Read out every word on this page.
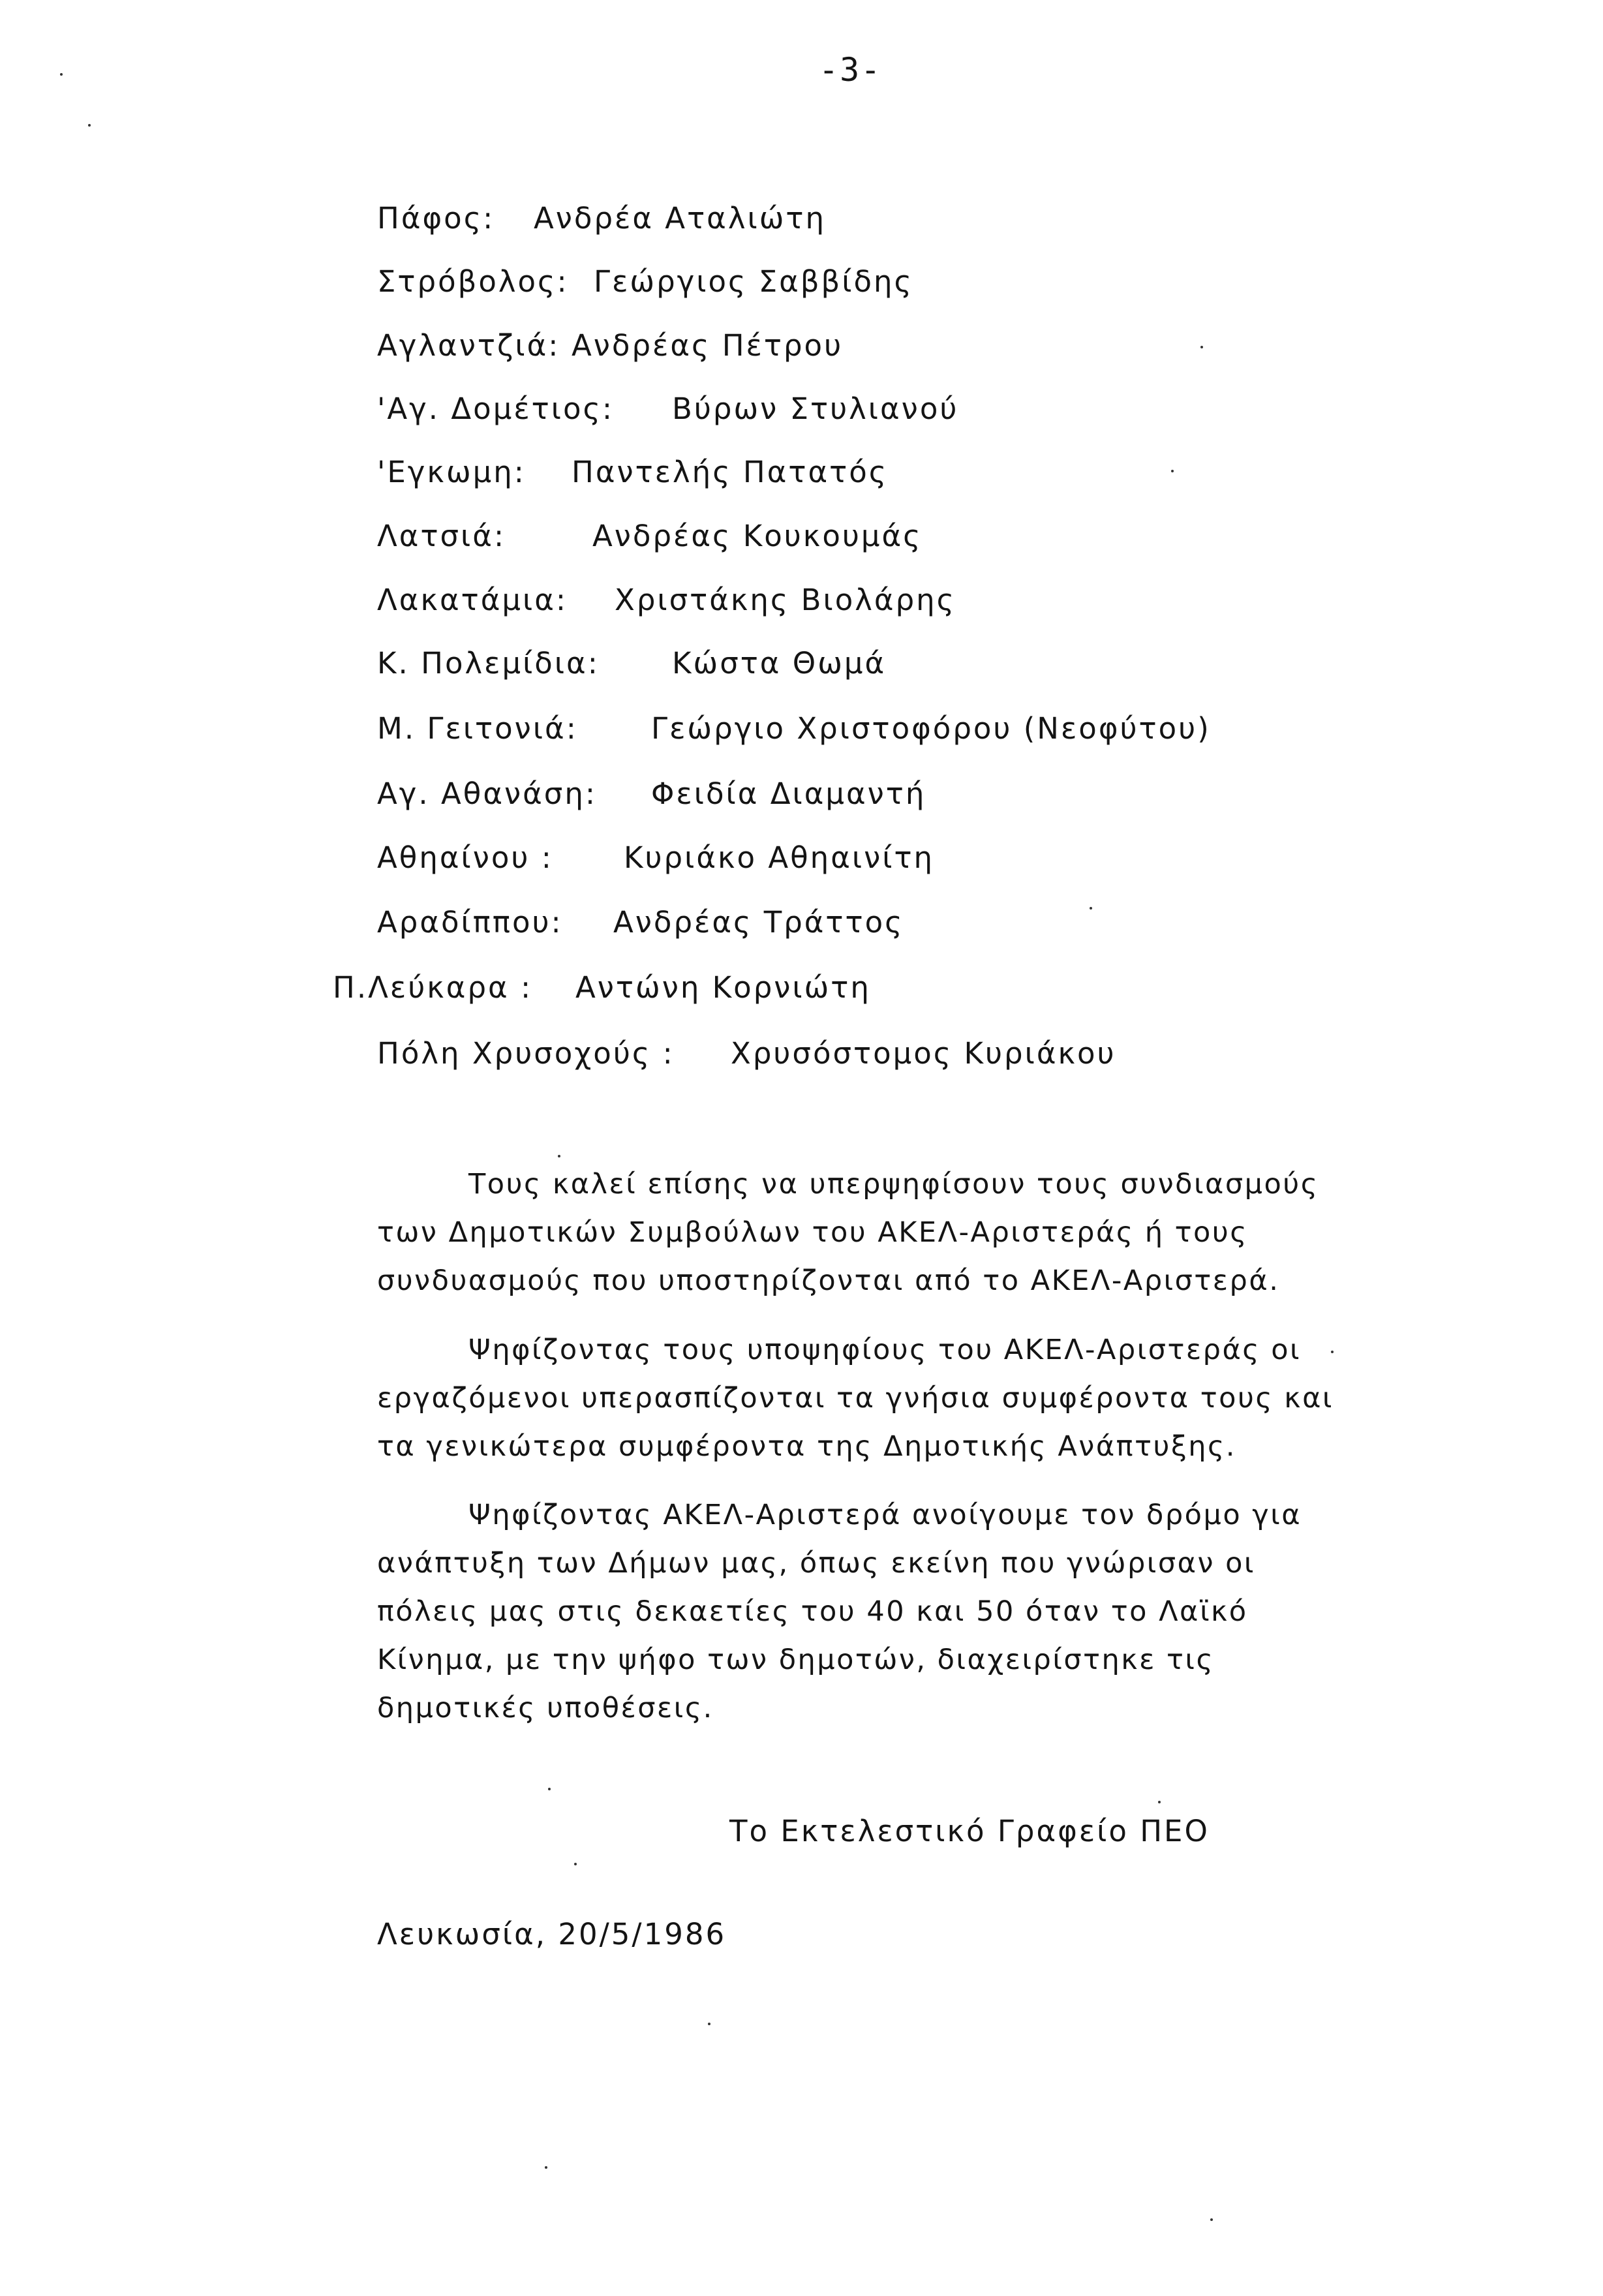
-3-
Πάφος: Ανδρέα Αταλιώτη
Στρόβολος: Γεώργιος Σαββίδης
Αγλαντζιά: Ανδρέας Πέτρου
'Αγ. Δομέτιος: Βύρων Στυλιανού
'Εγκωμη: Παντελής Πατατός
Λατσιά:	Ανδρέας Κουκουμάς
Λακατάμια: Χριστάκης Βιολάρης
Κ. Πολεμίδια: Κώστα Θωμά
Μ. Γειτονιά: Γεώργιο Χριστοφόρου (Νεοφύτου)
Αγ. Αθανάση: Φειδία Διαμαντή
Αθηαίνου : Κυριάκο Αθηαινίτη
Αραδίππου: Ανδρέας Τράττος
Π.Λεύκαρα : Αντώνη Κορνιώτη
Πόλη Χρυσοχούς : Χρυσόστομος Κυριάκου
Τους καλεί επίσης να υπερψηφίσουν τους συνδιασμούς
των Δημοτικών Συμβούλων του ΑΚΕΛ-Αριστεράς ή τους
συνδυασμούς που υποστηρίζονται από το ΑΚΕΛ-Αριστερά.
Ψηφίζοντας τους υποψηφίους του ΑΚΕΛ-Αριστεράς οι
εργαζόμενοι υπερασπίζονται τα γνήσια συμφέροντα τους και
τα γενικώτερα συμφέροντα της Δημοτικής Ανάπτυξης.
Ψηφίζοντας ΑΚΕΛ-Αριστερά ανοίγουμε τον δρόμο για
ανάπτυξη των Δήμων μας, όπως εκείνη που γνώρισαν οι
πόλεις μας στις δεκαετίες του 40 και 50 όταν το Λαϊκό
Κίνημα, με την ψήφο των δημοτών, διαχειρίστηκε τις
δημοτικές υποθέσεις.
Το Εκτελεστικό Γραφείο ΠΕΟ
Λευκωσία, 20/5/1986
